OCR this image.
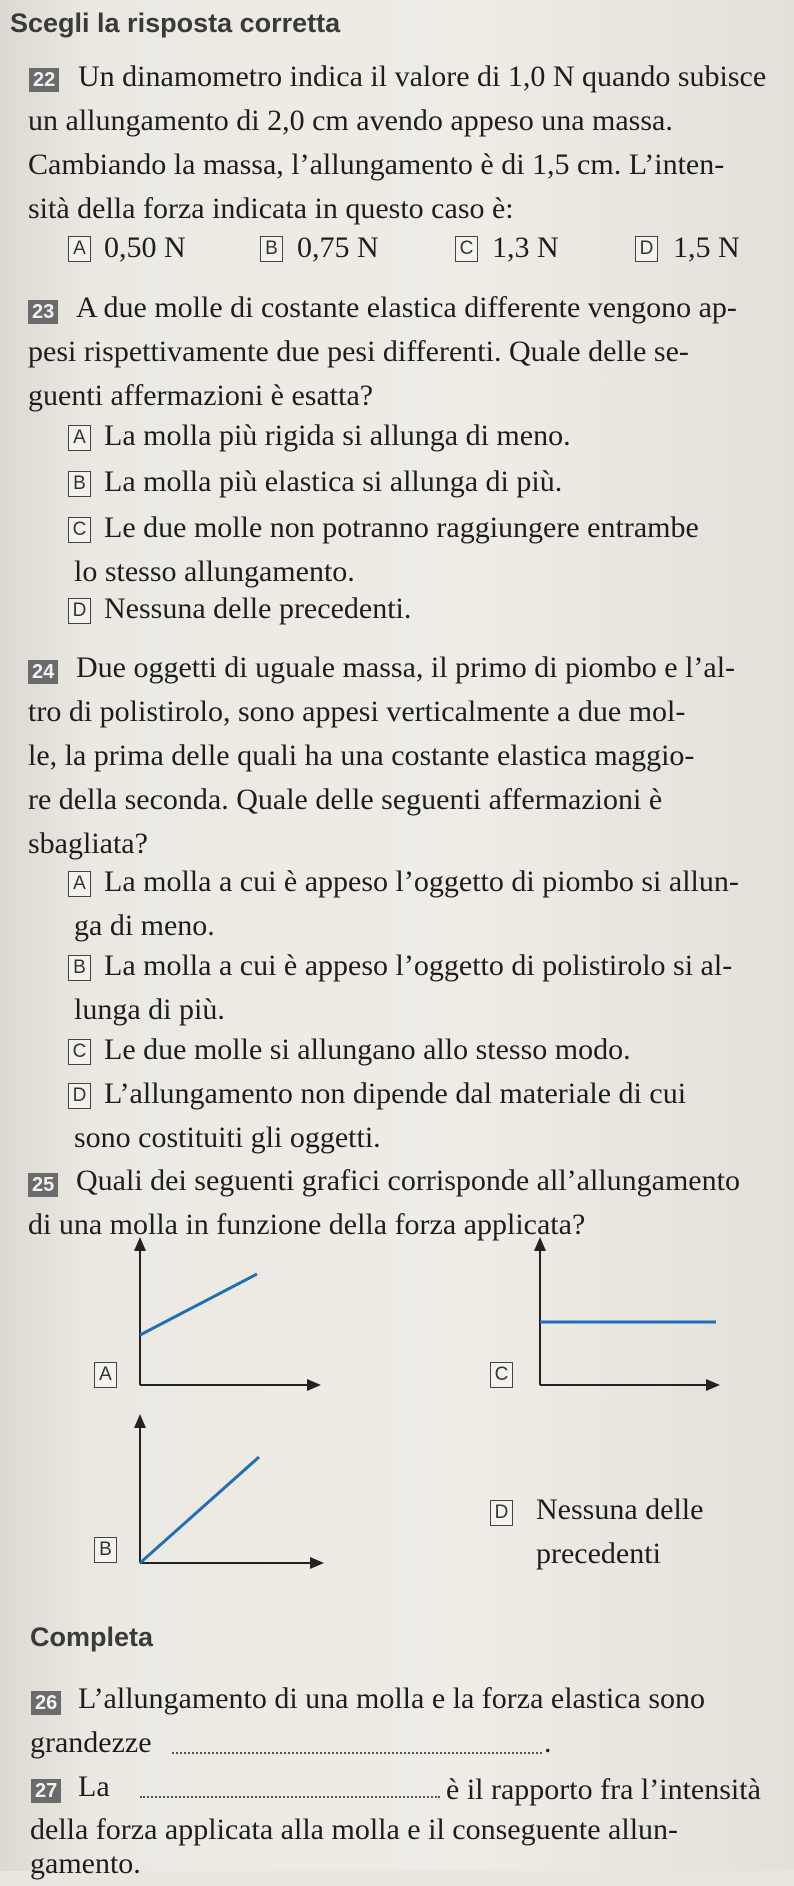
Scegli la risposta corretta
22 Un dinamometro indica il valore di 1,0 N quando subisce
un allungamento di 2,0 cm avendo appeso una massa.
Cambiando la massa, l’allungamento è di 1,5 cm. L’inten-
sità della forza indicata in questo caso è:
A 0,50 N	B 0,75 N	C 1,3 N	D 1,5 N
23 A due molle di costante elastica differente vengono ap-
pesi rispettivamente due pesi differenti. Quale delle se-
guenti affermazioni è esatta?
A La molla più rigida si allunga di meno.
B La molla più elastica si allunga di più.
C Le due molle non potranno raggiungere entrambe
lo stesso allungamento.
D Nessuna delle precedenti.
24 Due oggetti di uguale massa, il primo di piombo e l’al-
tro di polistirolo, sono appesi verticalmente a due mol-
le, la prima delle quali ha una costante elastica maggio-
re della seconda. Quale delle seguenti affermazioni è
sbagliata?
A La molla a cui è appeso l’oggetto di piombo si allun-
ga di meno.
B La molla a cui è appeso l’oggetto di polistirolo si al-
lunga di più.
C Le due molle si allungano allo stesso modo.
D L’allungamento non dipende dal materiale di cui
sono costituiti gli oggetti.
25 Quali dei seguenti grafici corrisponde all’allungamento
di una molla in funzione della forza applicata?
A	C
B
D Nessuna delle
precedenti
Completa
26 L’allungamento di una molla e la forza elastica sono
grandezze	.
27 La	è il rapporto fra l’intensità
della forza applicata alla molla e il conseguente allun-
gamento.
